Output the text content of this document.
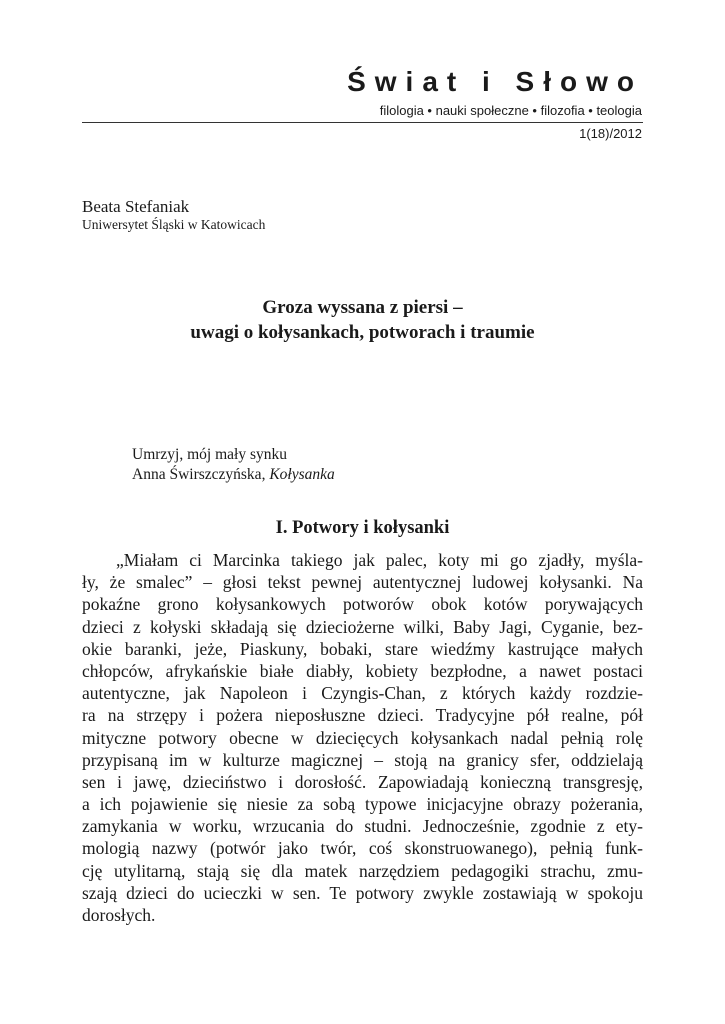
Świat i Słowo
filologia • nauki społeczne • filozofia • teologia
1(18)/2012
Beata Stefaniak
Uniwersytet Śląski w Katowicach
Groza wyssana z piersi –
uwagi o kołysankach, potworach i traumie
Umrzyj, mój mały synku
Anna Świrszczyńska, Kołysanka
I. Potwory i kołysanki
„Miałam ci Marcinka takiego jak palec, koty mi go zjadły, myśla-
ły, że smalec” – głosi tekst pewnej autentycznej ludowej kołysanki. Na
pokaźne grono kołysankowych potworów obok kotów porywających
dzieci z kołyski składają się dzieciożerne wilki, Baby Jagi, Cyganie, bez-
okie baranki, jeże, Piaskuny, bobaki, stare wiedźmy kastrujące małych
chłopców, afrykańskie białe diabły, kobiety bezpłodne, a nawet postaci
autentyczne, jak Napoleon i Czyngis-Chan, z których każdy rozdzie-
ra na strzępy i pożera nieposłuszne dzieci. Tradycyjne pół realne, pół
mityczne potwory obecne w dziecięcych kołysankach nadal pełnią rolę
przypisaną im w kulturze magicznej – stoją na granicy sfer, oddzielają
sen i jawę, dzieciństwo i dorosłość. Zapowiadają konieczną transgresję,
a ich pojawienie się niesie za sobą typowe inicjacyjne obrazy pożerania,
zamykania w worku, wrzucania do studni. Jednocześnie, zgodnie z ety-
mologią nazwy (potwór jako twór, coś skonstruowanego), pełnią funk-
cję utylitarną, stają się dla matek narzędziem pedagogiki strachu, zmu-
szają dzieci do ucieczki w sen. Te potwory zwykle zostawiają w spokoju
dorosłych.
